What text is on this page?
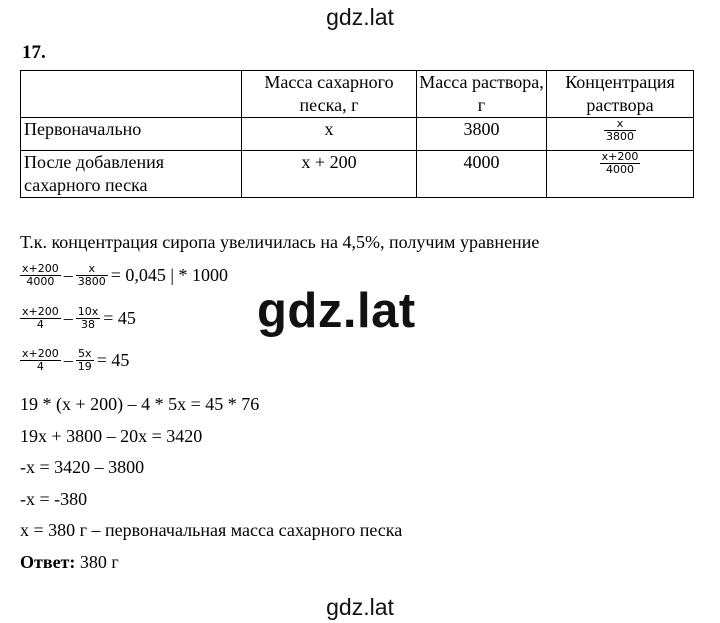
gdz.lat
17.
	Масса сахарного песка, г	Масса раствора, г	Концентрация раствора
Первоначально	x	3800	$\frac{x}{3800}$

После добавления сахарного песка	x + 200	4000	$\frac{x+200}{4000}$
Т.к. концентрация сиропа увеличилась на 4,5%, получим уравнение
$\frac{x+200}{4000} - \frac{x}{3800} = 0,045$ | * 1000
$\frac{x+200}{4} - \frac{10x}{38} = 45$
$\frac{x+200}{4} - \frac{5x}{19} = 45$
19 * (x + 200) – 4 * 5x = 45 * 76
19x + 3800 – 20x = 3420
-x = 3420 – 3800
-x = -380
x = 380 г – первоначальная масса сахарного песка
Ответ: 380 г
gdz.lat
gdz.lat
